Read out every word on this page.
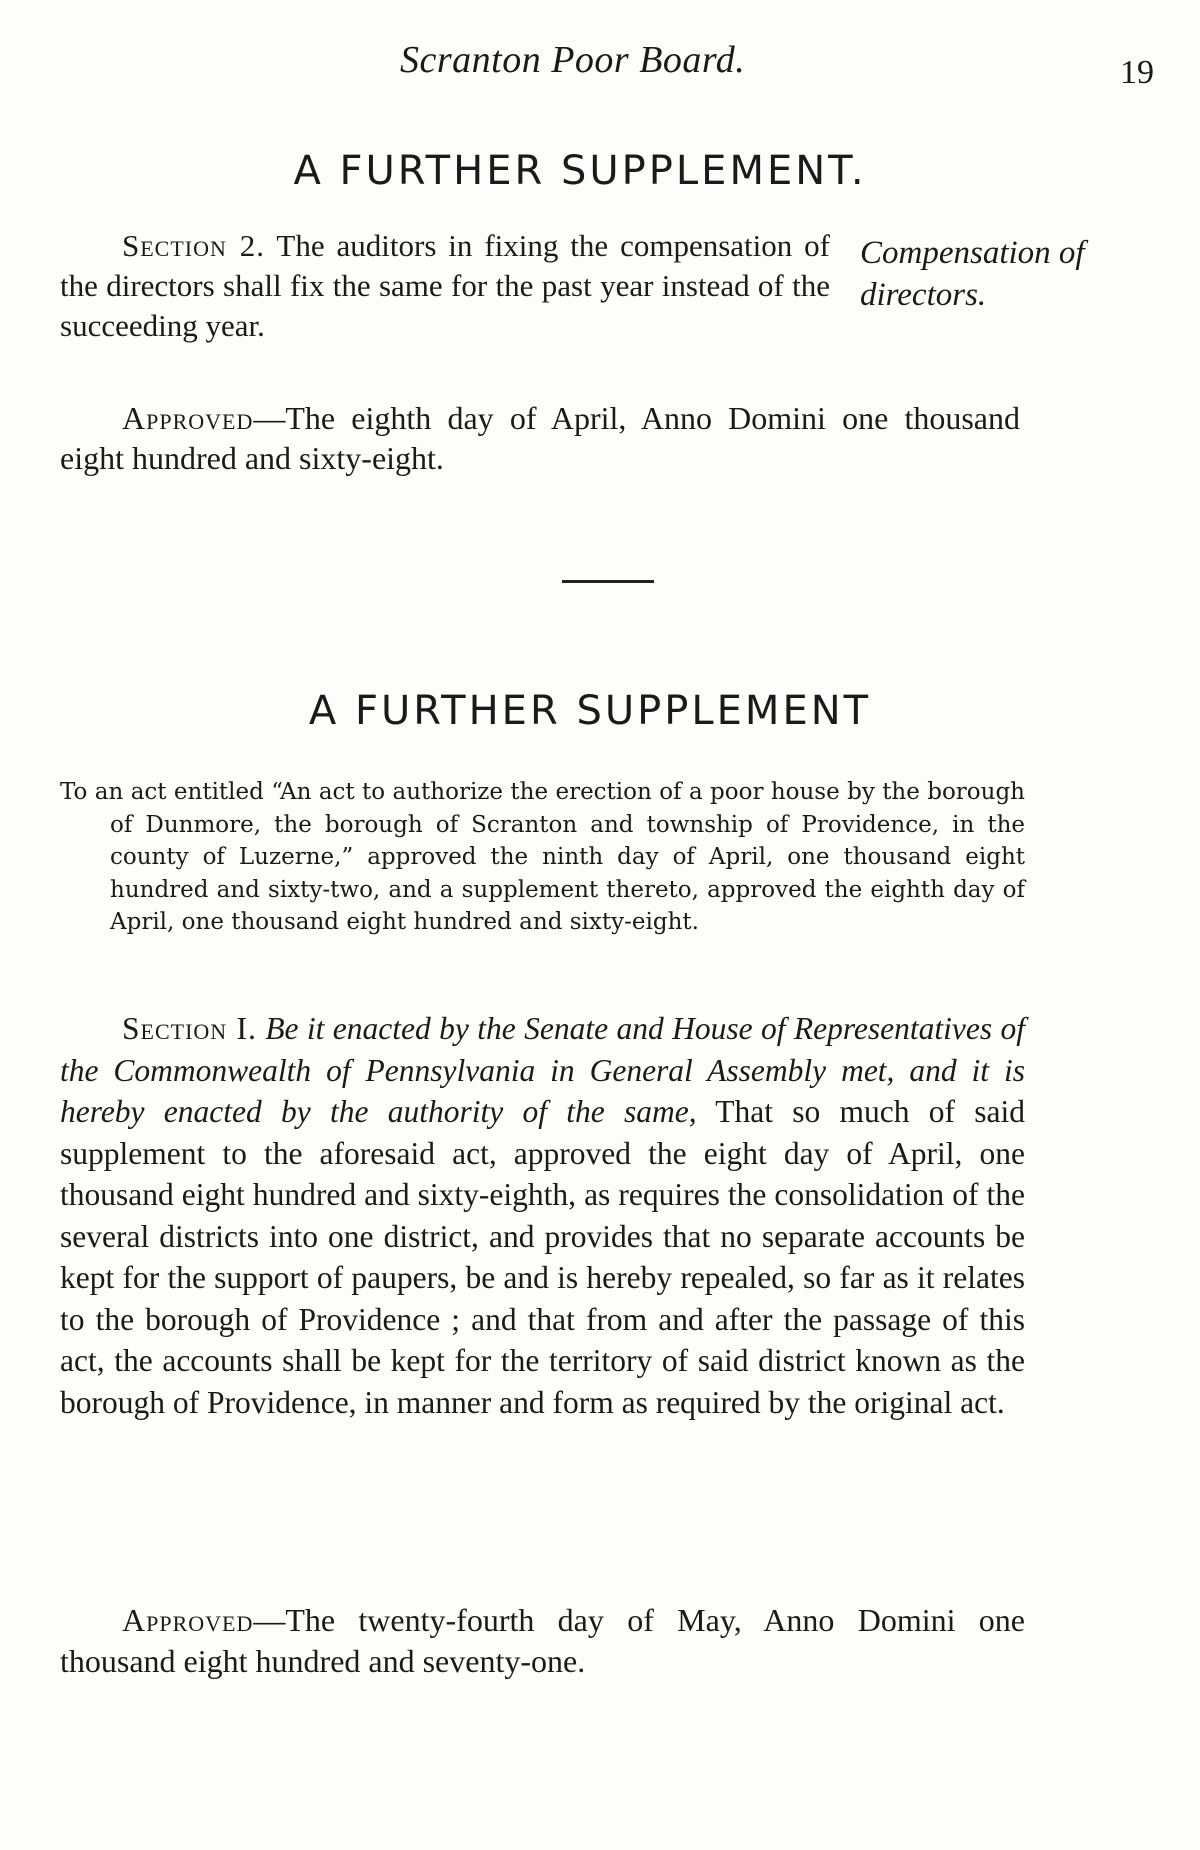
Scranton Poor Board.	19
A FURTHER SUPPLEMENT.
Section 2. The auditors in fixing the compensation of the directors shall fix the same for the past year instead of the succeeding year.
Compensation of directors.
Approved—The eighth day of April, Anno Domini one thousand eight hundred and sixty-eight.
A FURTHER SUPPLEMENT
To an act entitled “An act to authorize the erection of a poor house by the borough of Dunmore, the borough of Scranton and township of Providence, in the county of Luzerne,” approved the ninth day of April, one thousand eight hundred and sixty-two, and a supplement thereto, approved the eighth day of April, one thousand eight hundred and sixty-eight.
Section I. Be it enacted by the Senate and House of Representatives of the Commonwealth of Pennsylvania in General Assembly met, and it is hereby enacted by the authority of the same, That so much of said supplement to the aforesaid act, approved the eight day of April, one thousand eight hundred and sixty-eighth, as requires the consolidation of the several districts into one district, and provides that no separate accounts be kept for the support of paupers, be and is hereby repealed, so far as it relates to the borough of Providence ; and that from and after the passage of this act, the accounts shall be kept for the territory of said district known as the borough of Providence, in manner and form as required by the original act.
Approved—The twenty-fourth day of May, Anno Domini one thousand eight hundred and seventy-one.
